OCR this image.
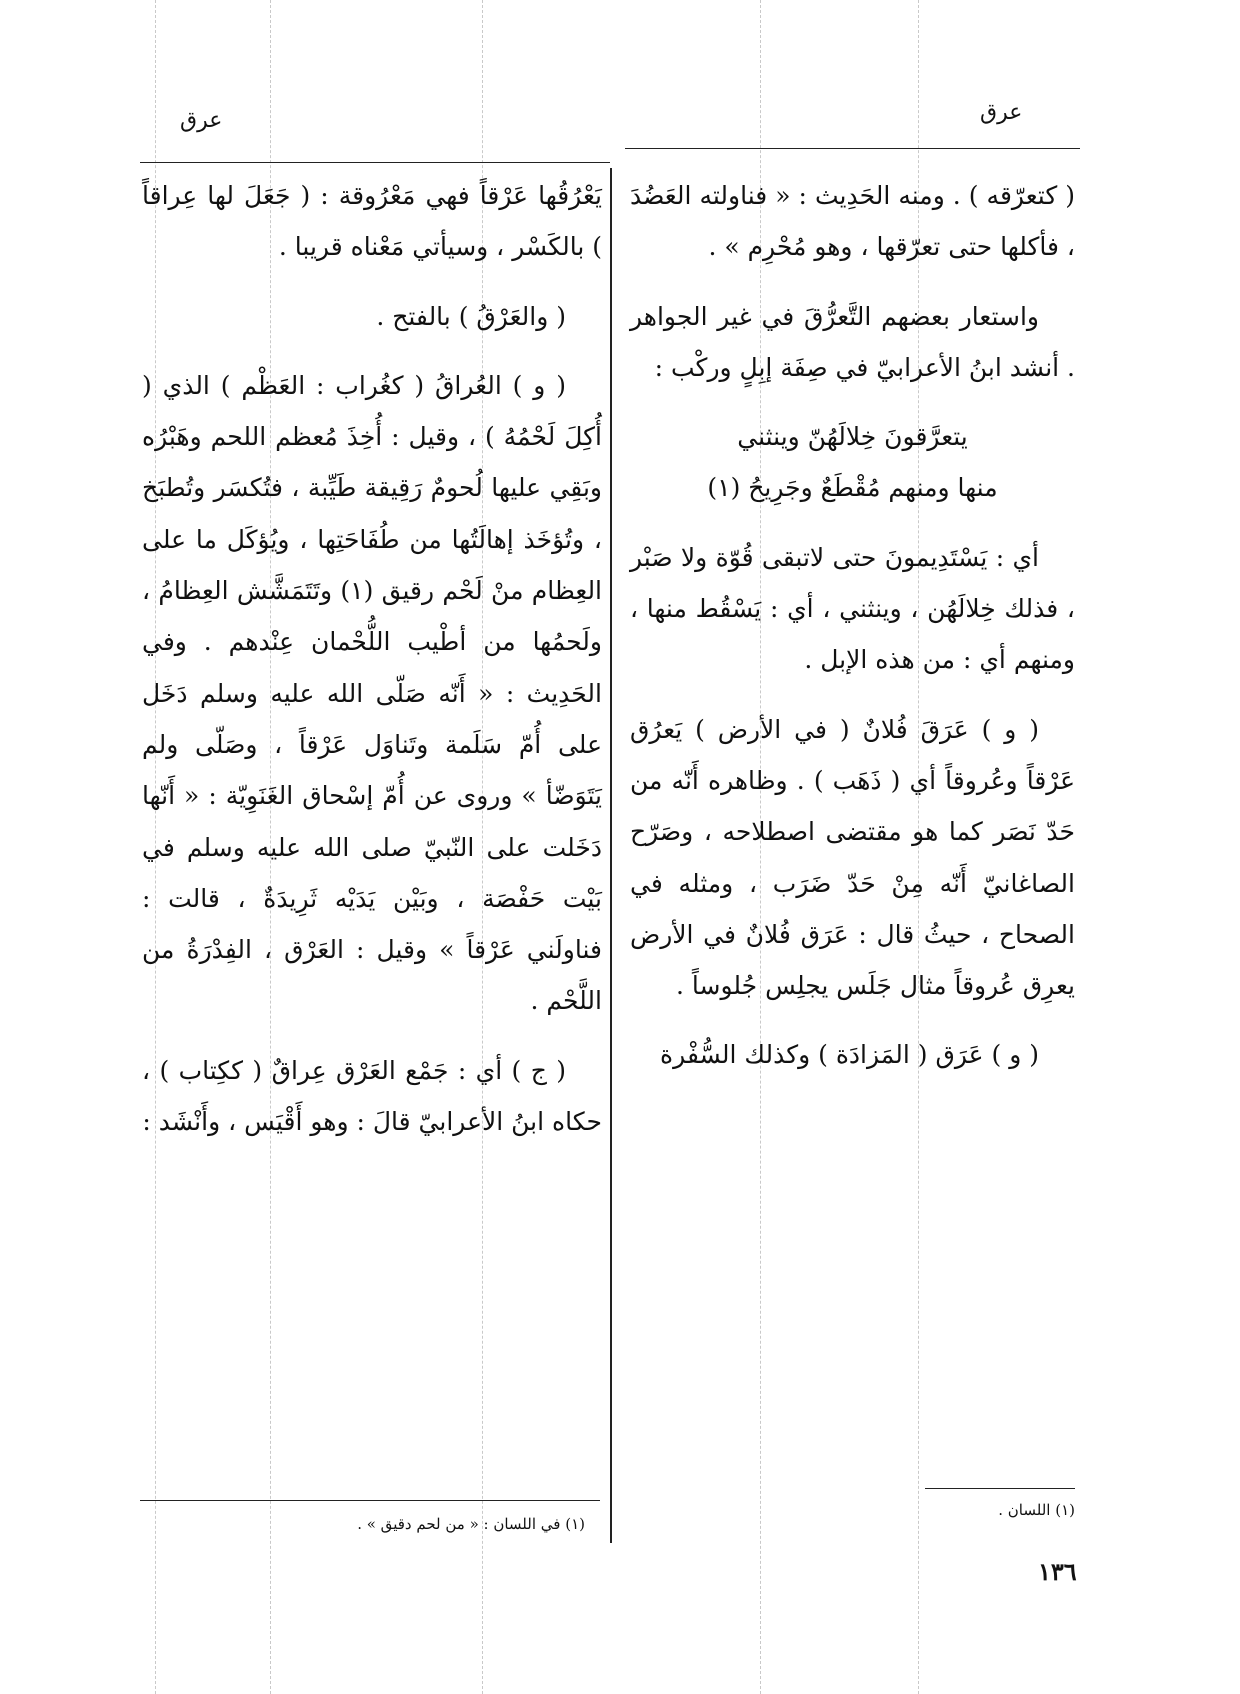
عرق
عرق

( كتعرّقه ) . ومنه الحَدِيث : « فناولته العَضُدَ ، فأكلها حتى تعرّقها ، وهو مُحْرِم » .

واستعار بعضهم التَّعرُّقَ في غير الجواهر . أنشد ابنُ الأعرابيّ في صِفَة إبِلٍ وركْب :

يتعرَّقونَ خِلالَهُنّ وينثني
منها ومنهم مُقْطَعٌ وجَرِيحُ (١)

أي : يَسْتَدِيمونَ حتى لاتبقى قُوّة ولا صَبْر ، فذلك خِلالَهُن ، وينثني ، أي : يَسْقُط منها ، ومنهم أي : من هذه الإبل .

( و ) عَرَقَ فُلانٌ ( في الأرض ) يَعرُق عَرْقاً وعُروقاً أي ( ذَهَب ) . وظاهره أَنّه من حَدّ نَصَر كما هو مقتضى اصطلاحه ، وصَرّح الصاغانيّ أَنّه مِنْ حَدّ ضَرَب ، ومثله في الصحاح ، حيثُ قال : عَرَق فُلانٌ في الأرض يعرِق عُروقاً مثال جَلَس يجلِس جُلوساً .

( و ) عَرَق ( المَزادَة ) وكذلك السُّفْرة

(١) اللسان .

يَعْرُقُها عَرْقاً فهي مَعْرُوقة : ( جَعَلَ لها عِراقاً ) بالكَسْر ، وسيأتي مَعْناه قريبا .

( والعَرْقُ ) بالفتح .

( و ) العُراقُ ( كغُراب : العَظْم ) الذي ( أُكِلَ لَحْمُهُ ) ، وقيل : أُخِذَ مُعظم اللحم وهَبْرُه وبَقِي عليها لُحومٌ رَقِيقة طَيِّبة ، فتُكسَر وتُطبَخ ، وتُؤخَذ إهالَتُها من طُفَاحَتِها ، ويُؤكَل ما على العِظام منْ لَحْم رقيق (١) وتَتَمَشَّش العِظامُ ، ولَحمُها من أطْيب اللُّحْمان عِنْدهم . وفي الحَدِيث : « أَنّه صَلّى الله عليه وسلم دَخَل على أُمّ سَلَمة وتَناوَل عَرْقاً ، وصَلّى ولم يَتَوَضّأ » وروى عن أُمّ إسْحاق الغَنَوِيّة : « أَنّها دَخَلت على النّبيّ صلى الله عليه وسلم في بَيْت حَفْصَة ، وبَيْن يَدَيْه ثَرِيدَةٌ ، قالت : فناولَني عَرْقاً » وقيل : العَرْق ، الفِدْرَةُ من اللَّحْم .

( ج ) أي : جَمْع العَرْق عِراقٌ ( ككِتاب ) ، حكاه ابنُ الأعرابيّ قالَ : وهو أَقْيَس ، وأَنْشَد :

(١) في اللسان : « من لحم دقيق » .
١٣٦
